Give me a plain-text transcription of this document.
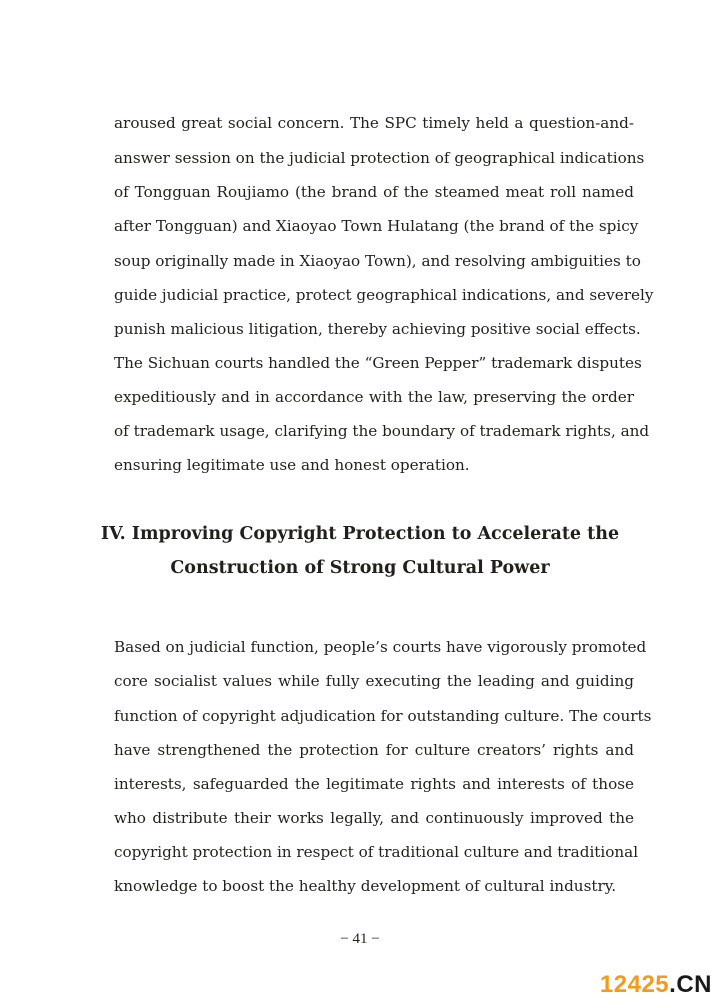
aroused great social concern. The SPC timely held a question-and-

answer session on the judicial protection of geographical indications

of Tongguan Roujiamo (the brand of the steamed meat roll named

after Tongguan) and Xiaoyao Town Hulatang (the brand of the spicy

soup originally made in Xiaoyao Town), and resolving ambiguities to

guide judicial practice, protect geographical indications, and severely

punish malicious litigation, thereby achieving positive social effects.

The Sichuan courts handled the “Green Pepper” trademark disputes

expeditiously and in accordance with the law, preserving the order

of trademark usage, clarifying the boundary of trademark rights, and

ensuring legitimate use and honest operation.

IV. Improving Copyright Protection to Accelerate the
Construction of Strong Cultural Power

Based on judicial function, people’s courts have vigorously promoted

core socialist values while fully executing the leading and guiding

function of copyright adjudication for outstanding culture. The courts

have strengthened the protection for culture creators’ rights and

interests, safeguarded the legitimate rights and interests of those

who distribute their works legally, and continuously improved the

copyright protection in respect of traditional culture and traditional

knowledge to boost the healthy development of cultural industry.

− 41 −
12425.CN
